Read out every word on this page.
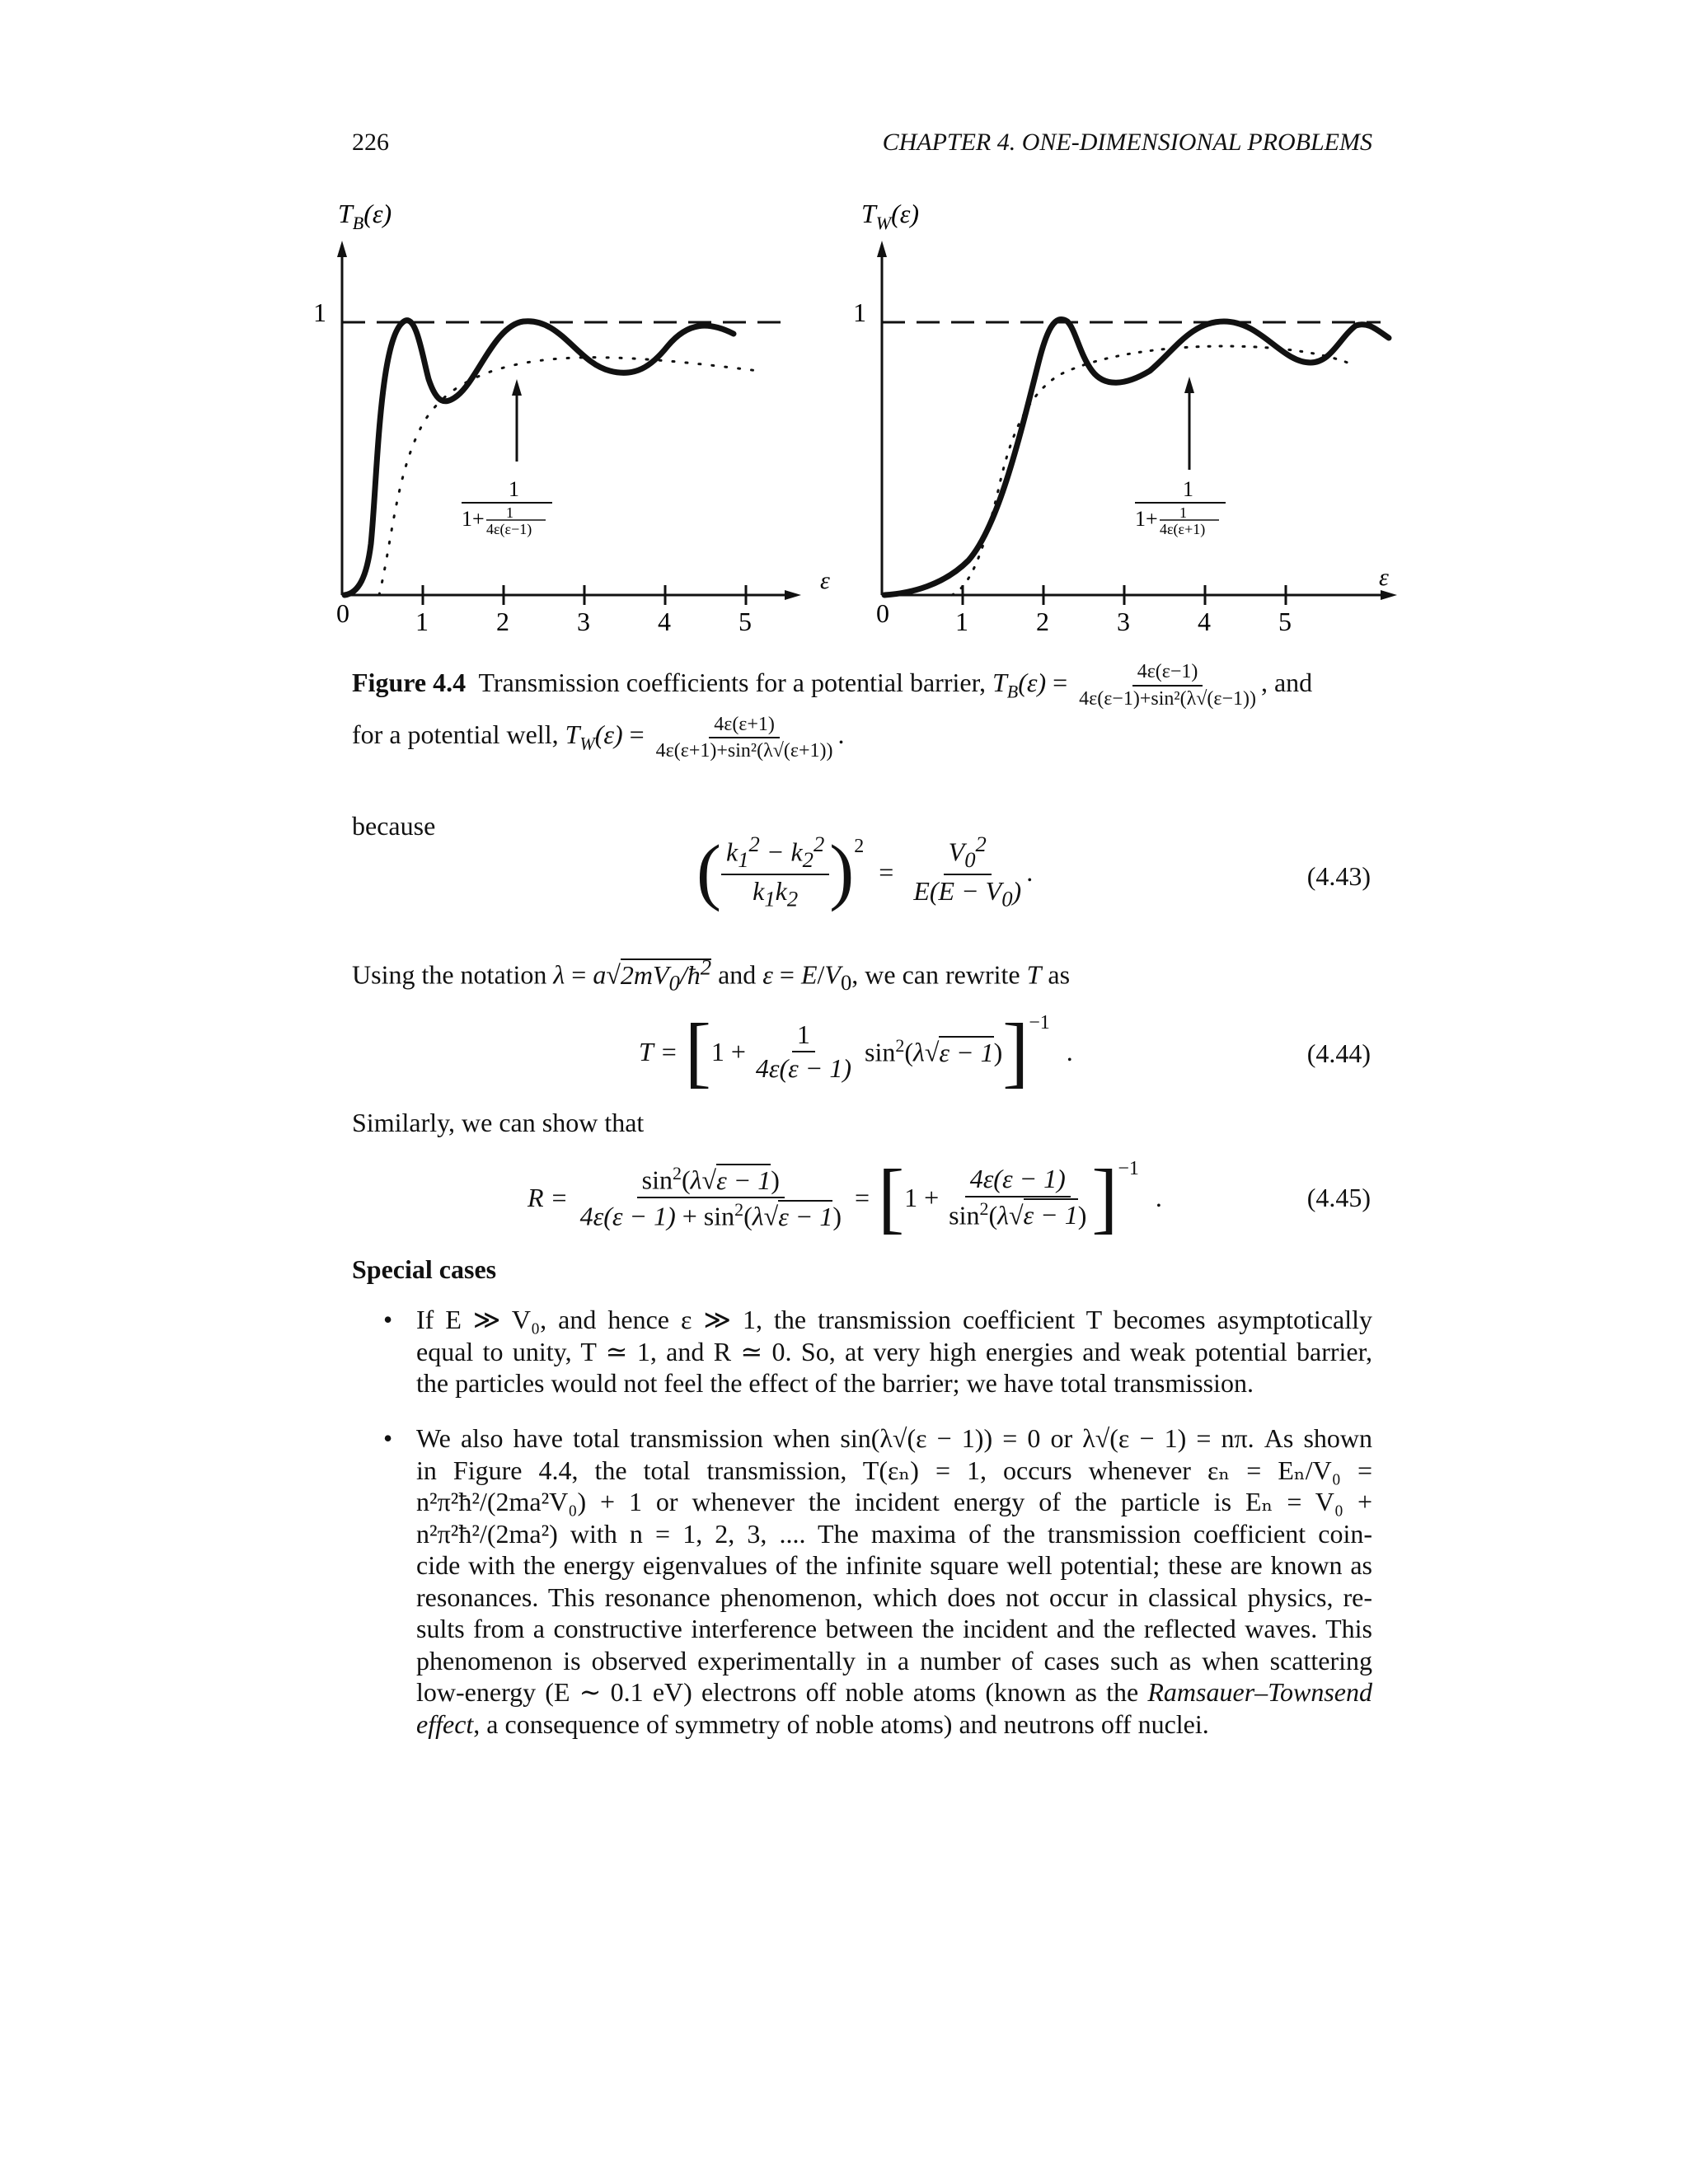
226	CHAPTER 4. ONE-DIMENSIONAL PROBLEMS
$T_B(\varepsilon)$
1
0	1	2	3	4	5
1
1+ 1
4ε(ε−1)
$T_W(\varepsilon)$
ε
1
0	1	2	3	4	5
1
1+ 1
4ε(ε+1)
ε
Figure 4.4 Transmission coefficients for a potential barrier, $T_B(\varepsilon) = \frac{4\varepsilon(\varepsilon-1)}{\text{4ε(ε−1)+sin²(λ√(ε−1))}}$ , and
for a potential well, $T_W(\varepsilon) = \frac{4\varepsilon(\varepsilon+1)}{\text{4ε(ε+1)+sin²(λ√(ε+1))}}$ .
because
( $\frac{k_1^2 - k_2^2}{k_1k_2} )^2$
= $\frac{V_0^2}{E(E - V_0)}$ .	(4.43)
Using the notation $\lambda = a√2mV_0/ħ^2$ and $\varepsilon = E/V_0$, we can rewrite T as
T = [ $1 + \frac{1}{4\varepsilon(\varepsilon - 1)} \sin^2(\lambda√\varepsilon - 1)$ ]$^{-1}$
.	(4.44)
Similarly, we can show that
$R = \frac{\sin^2(\lambda√\varepsilon - 1)}{4\varepsilon(\varepsilon - 1) + \sin^2(\lambda√\varepsilon - 1)}$ = [ $1 + \frac{4\varepsilon(\varepsilon - 1)}{\sin^2(\lambda√\varepsilon - 1)} ]^{-1}$
.	(4.45)
Special cases
• If E ≫ V₀, and hence ε ≫ 1, the transmission coefficient T becomes asymptotically
equal to unity, T ≃ 1, and R ≃ 0. So, at very high energies and weak potential barrier,
the particles would not feel the effect of the barrier; we have total transmission.
• We also have total transmission when sin(λ√(ε − 1)) = 0 or λ√(ε − 1) = nπ. As shown
in Figure 4.4, the total transmission, T(εₙ) = 1, occurs whenever εₙ = Eₙ/V₀ =
n²π²ħ²/(2ma²V₀) + 1 or whenever the incident energy of the particle is Eₙ = V₀ +
n²π²ħ²/(2ma²) with n = 1, 2, 3, .... The maxima of the transmission coefficient coin-
cide with the energy eigenvalues of the infinite square well potential; these are known as
resonances. This resonance phenomenon, which does not occur in classical physics, re-
sults from a constructive interference between the incident and the reflected waves. This
phenomenon is observed experimentally in a number of cases such as when scattering
low-energy (E ∼ 0.1 eV) electrons off noble atoms (known as the Ramsauer–Townsend
effect, a consequence of symmetry of noble atoms) and neutrons off nuclei.
